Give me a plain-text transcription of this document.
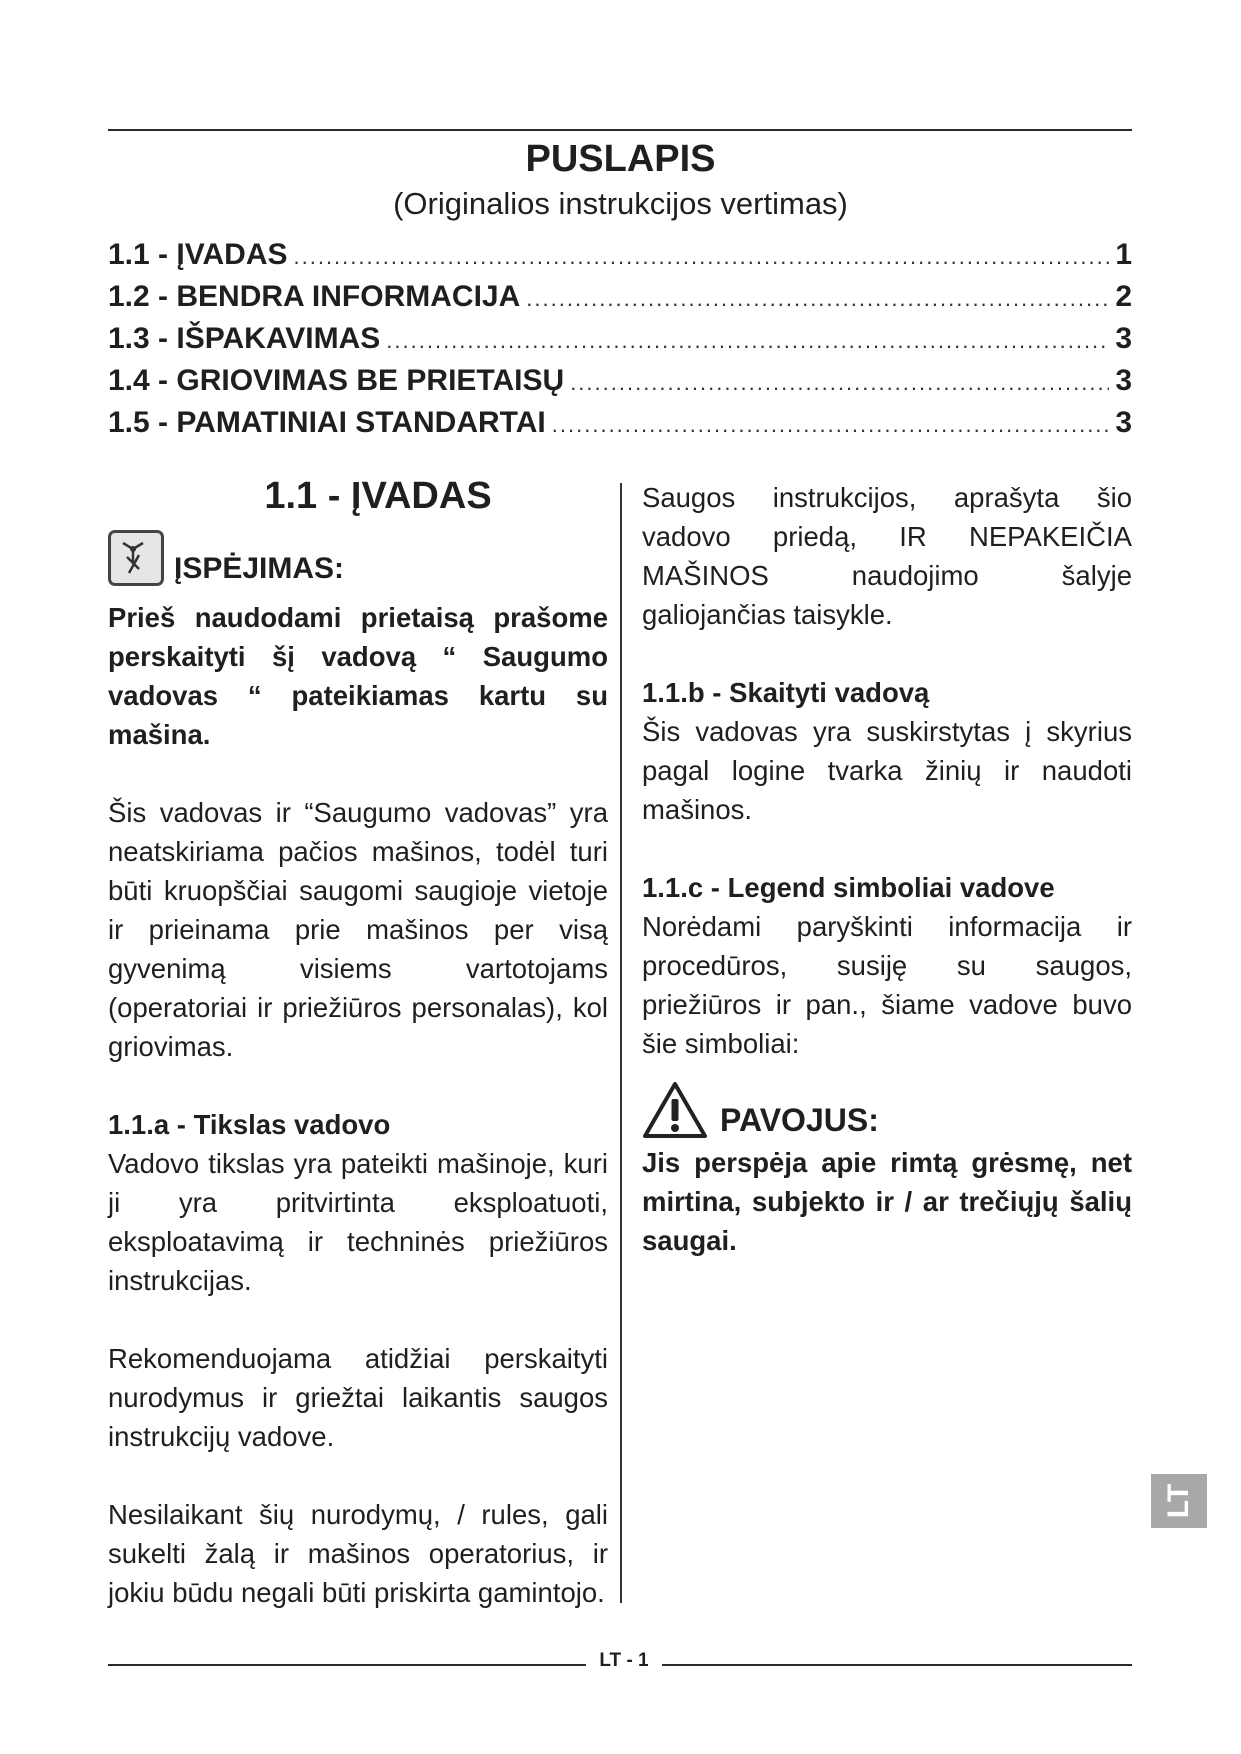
PUSLAPIS
(Originalios instrukcijos vertimas)
1.1 - ĮVADAS .....	1
1.2 - BENDRA INFORMACIJA .....	2
1.3 - IŠPAKAVIMAS .....	3
1.4 - GRIOVIMAS BE PRIETAISŲ .....	3
1.5 - PAMATINIAI STANDARTAI .....	3
1.1 - ĮVADAS
ĮSPĖJIMAS:

Prieš naudodami prietaisą prašome perskaityti šį vadovą “ Saugumo vadovas “ pateikiamas kartu su mašina.

Šis vadovas ir “Saugumo vadovas” yra neatskiriama pačios mašinos, todėl turi būti kruopščiai saugomi saugioje vietoje ir prieinama prie mašinos per visą gyvenimą visiems vartotojams (operatoriai ir priežiūros personalas), kol griovimas.

1.1.a - Tikslas vadovo

Vadovo tikslas yra pateikti mašinoje, kuri ji yra pritvirtinta eksploatuoti, eksploatavimą ir techninės priežiūros instrukcijas.

Rekomenduojama atidžiai perskaityti nurodymus ir griežtai laikantis saugos instrukcijų vadove.

Nesilaikant šių nurodymų, / rules, gali sukelti žalą ir mašinos operatorius, ir jokiu būdu negali būti priskirta gamintojo.

Saugos instrukcijos, aprašyta šio vadovo priedą, IR NEPAKEIČIA MAŠINOS naudojimo šalyje galiojančias taisykle.

1.1.b - Skaityti vadovą

Šis vadovas yra suskirstytas į skyrius pagal logine tvarka žinių ir naudoti mašinos.

1.1.c - Legend simboliai vadove

Norėdami paryškinti informacija ir procedūros, susiję su saugos, priežiūros ir pan., šiame vadove buvo šie simboliai:

PAVOJUS:

Jis perspėja apie rimtą grėsmę, net mirtina, subjekto ir / ar trečiųjų šalių saugai.

LT
LT - 1
